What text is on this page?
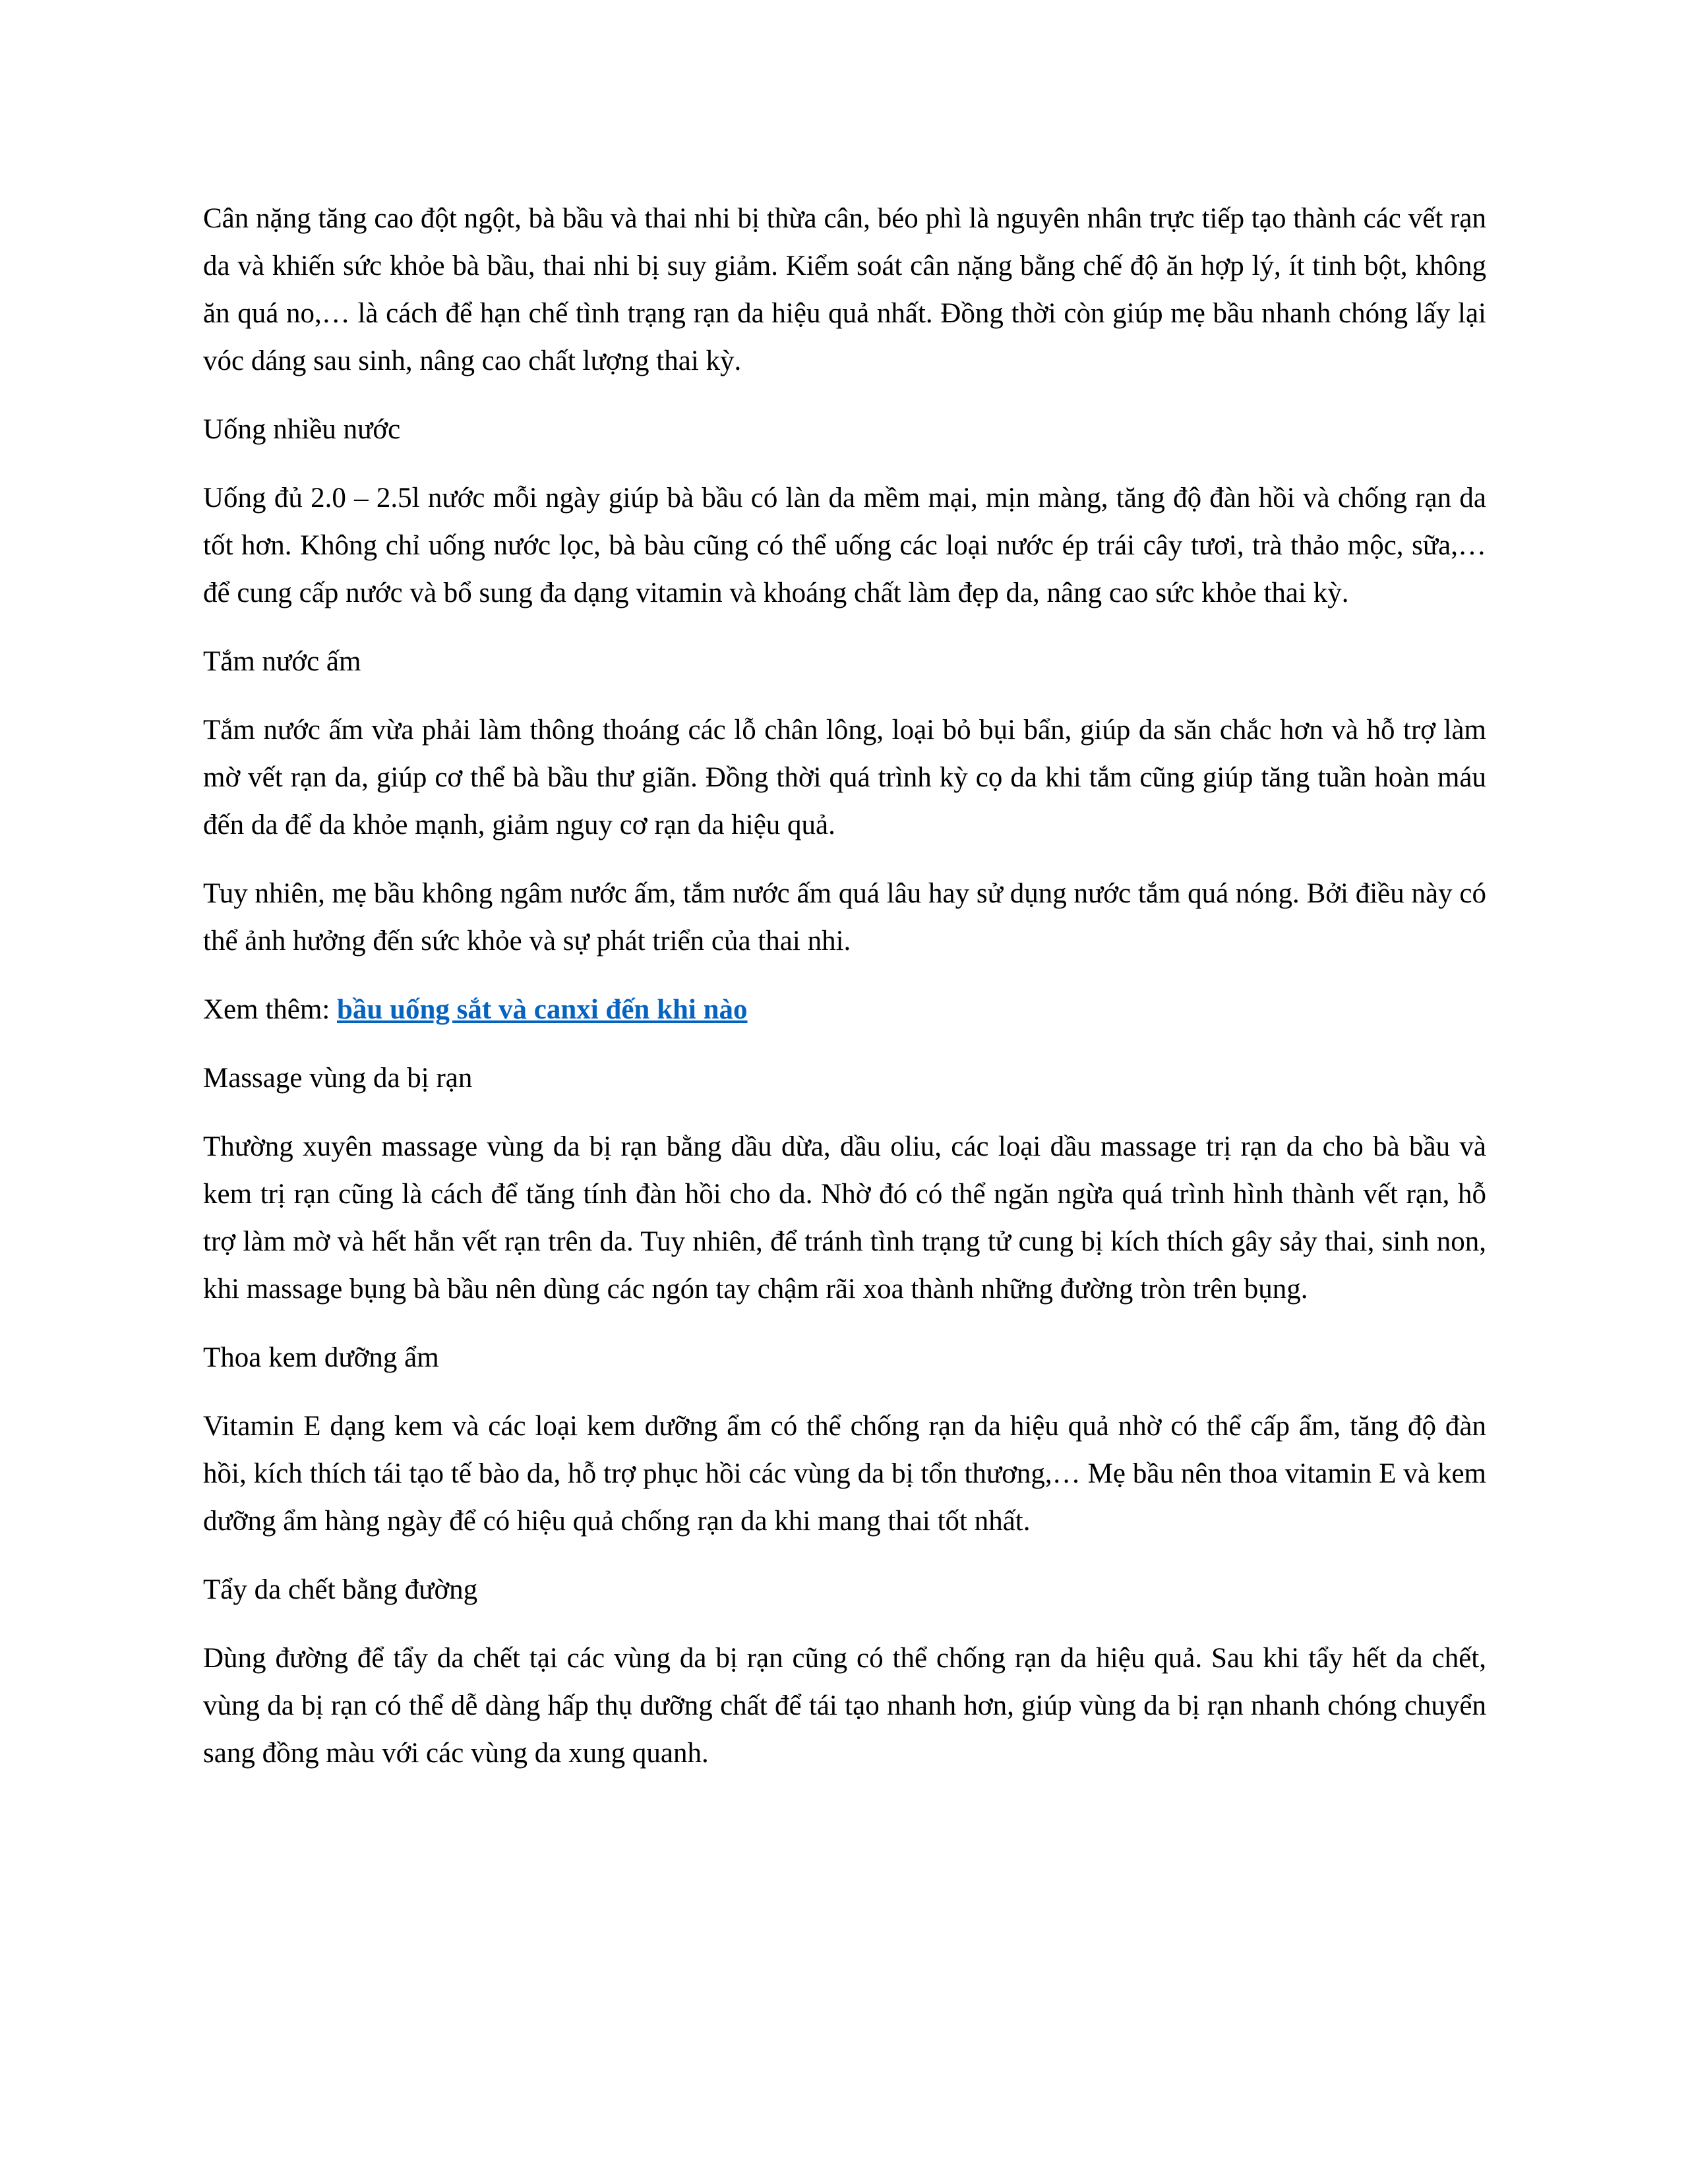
Cân nặng tăng cao đột ngột, bà bầu và thai nhi bị thừa cân, béo phì là nguyên nhân trực tiếp tạo thành các vết rạn da và khiến sức khỏe bà bầu, thai nhi bị suy giảm. Kiểm soát cân nặng bằng chế độ ăn hợp lý, ít tinh bột, không ăn quá no,… là cách để hạn chế tình trạng rạn da hiệu quả nhất. Đồng thời còn giúp mẹ bầu nhanh chóng lấy lại vóc dáng sau sinh, nâng cao chất lượng thai kỳ.

Uống nhiều nước

Uống đủ 2.0 – 2.5l nước mỗi ngày giúp bà bầu có làn da mềm mại, mịn màng, tăng độ đàn hồi và chống rạn da tốt hơn. Không chỉ uống nước lọc, bà bàu cũng có thể uống các loại nước ép trái cây tươi, trà thảo mộc, sữa,… để cung cấp nước và bổ sung đa dạng vitamin và khoáng chất làm đẹp da, nâng cao sức khỏe thai kỳ.

Tắm nước ấm

Tắm nước ấm vừa phải làm thông thoáng các lỗ chân lông, loại bỏ bụi bẩn, giúp da săn chắc hơn và hỗ trợ làm mờ vết rạn da, giúp cơ thể bà bầu thư giãn. Đồng thời quá trình kỳ cọ da khi tắm cũng giúp tăng tuần hoàn máu đến da để da khỏe mạnh, giảm nguy cơ rạn da hiệu quả.

Tuy nhiên, mẹ bầu không ngâm nước ấm, tắm nước ấm quá lâu hay sử dụng nước tắm quá nóng. Bởi điều này có thể ảnh hưởng đến sức khỏe và sự phát triển của thai nhi.

Xem thêm: bầu uống sắt và canxi đến khi nào

Massage vùng da bị rạn

Thường xuyên massage vùng da bị rạn bằng dầu dừa, dầu oliu, các loại dầu massage trị rạn da cho bà bầu và kem trị rạn cũng là cách để tăng tính đàn hồi cho da. Nhờ đó có thể ngăn ngừa quá trình hình thành vết rạn, hỗ trợ làm mờ và hết hẳn vết rạn trên da. Tuy nhiên, để tránh tình trạng tử cung bị kích thích gây sảy thai, sinh non, khi massage bụng bà bầu nên dùng các ngón tay chậm rãi xoa thành những đường tròn trên bụng.

Thoa kem dưỡng ẩm

Vitamin E dạng kem và các loại kem dưỡng ẩm có thể chống rạn da hiệu quả nhờ có thể cấp ẩm, tăng độ đàn hồi, kích thích tái tạo tế bào da, hỗ trợ phục hồi các vùng da bị tổn thương,… Mẹ bầu nên thoa vitamin E và kem dưỡng ẩm hàng ngày để có hiệu quả chống rạn da khi mang thai tốt nhất.

Tẩy da chết bằng đường

Dùng đường để tẩy da chết tại các vùng da bị rạn cũng có thể chống rạn da hiệu quả. Sau khi tẩy hết da chết, vùng da bị rạn có thể dễ dàng hấp thụ dưỡng chất để tái tạo nhanh hơn, giúp vùng da bị rạn nhanh chóng chuyển sang đồng màu với các vùng da xung quanh.
